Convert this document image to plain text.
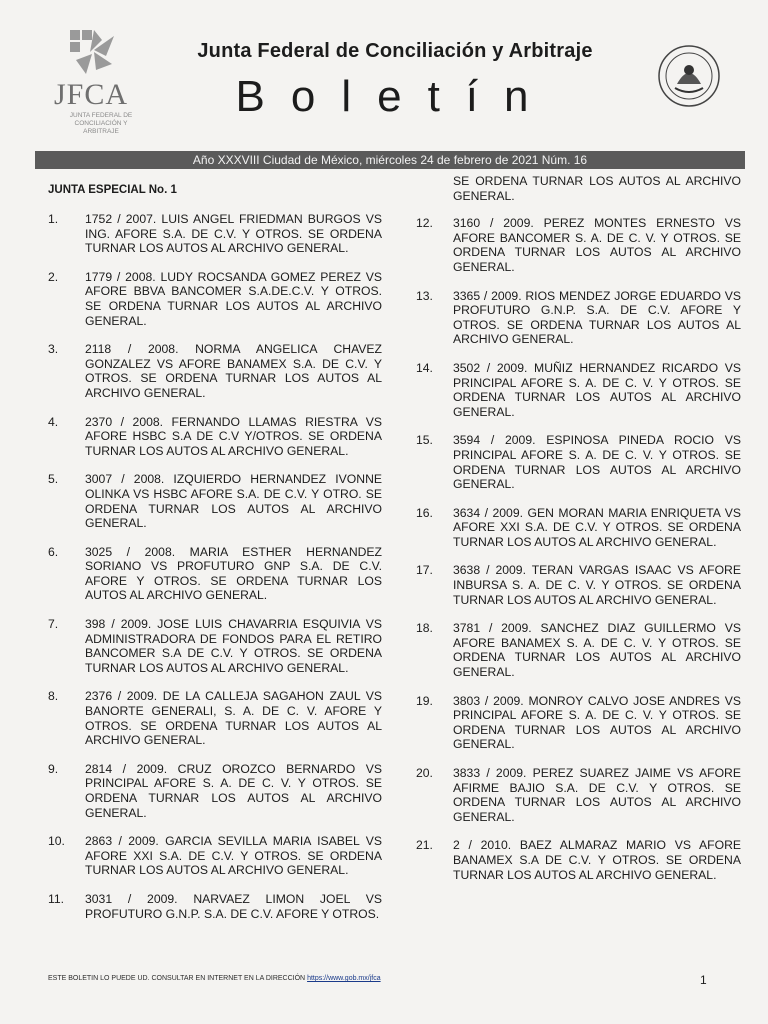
JFCA
JUNTA FEDERAL DE CONCILIACIÓN Y ARBITRAJE
Junta Federal de Conciliación y Arbitraje
Boletín
Año XXXVIII Ciudad de México, miércoles 24 de febrero de 2021 Núm. 16
JUNTA ESPECIAL No. 1
1.	1752 / 2007. LUIS ANGEL FRIEDMAN BURGOS VS ING. AFORE S.A. DE C.V. Y OTROS. SE ORDENA TURNAR LOS AUTOS AL ARCHIVO GENERAL.
2.	1779 / 2008. LUDY ROCSANDA GOMEZ PEREZ VS AFORE BBVA BANCOMER S.A.DE.C.V. Y OTROS. SE ORDENA TURNAR LOS AUTOS AL ARCHIVO GENERAL.
3.	2118 / 2008. NORMA ANGELICA CHAVEZ GONZALEZ VS AFORE BANAMEX S.A. DE C.V. Y OTROS. SE ORDENA TURNAR LOS AUTOS AL ARCHIVO GENERAL.
4.	2370 / 2008. FERNANDO LLAMAS RIESTRA VS AFORE HSBC S.A DE C.V Y/OTROS. SE ORDENA TURNAR LOS AUTOS AL ARCHIVO GENERAL.
5.	3007 / 2008. IZQUIERDO HERNANDEZ IVONNE OLINKA VS HSBC AFORE S.A. DE C.V. Y OTRO. SE ORDENA TURNAR LOS AUTOS AL ARCHIVO GENERAL.
6.	3025 / 2008. MARIA ESTHER HERNANDEZ SORIANO VS PROFUTURO GNP S.A. DE C.V. AFORE Y OTROS. SE ORDENA TURNAR LOS AUTOS AL ARCHIVO GENERAL.
7.	398 / 2009. JOSE LUIS CHAVARRIA ESQUIVIA VS ADMINISTRADORA DE FONDOS PARA EL RETIRO BANCOMER S.A DE C.V. Y OTROS. SE ORDENA TURNAR LOS AUTOS AL ARCHIVO GENERAL.
8.	2376 / 2009. DE LA CALLEJA SAGAHON ZAUL VS BANORTE GENERALI, S. A. DE C. V. AFORE Y OTROS. SE ORDENA TURNAR LOS AUTOS AL ARCHIVO GENERAL.
9.	2814 / 2009. CRUZ OROZCO BERNARDO VS PRINCIPAL AFORE S. A. DE C. V. Y OTROS. SE ORDENA TURNAR LOS AUTOS AL ARCHIVO GENERAL.
10.	2863 / 2009. GARCIA SEVILLA MARIA ISABEL VS AFORE XXI S.A. DE C.V. Y OTROS. SE ORDENA TURNAR LOS AUTOS AL ARCHIVO GENERAL.
11.	3031 / 2009. NARVAEZ LIMON JOEL VS PROFUTURO G.N.P. S.A. DE C.V. AFORE Y OTROS.
SE ORDENA TURNAR LOS AUTOS AL ARCHIVO GENERAL.
12.	3160 / 2009. PEREZ MONTES ERNESTO VS AFORE BANCOMER S. A. DE C. V. Y OTROS. SE ORDENA TURNAR LOS AUTOS AL ARCHIVO GENERAL.
13.	3365 / 2009. RIOS MENDEZ JORGE EDUARDO VS PROFUTURO G.N.P. S.A. DE C.V. AFORE Y OTROS. SE ORDENA TURNAR LOS AUTOS AL ARCHIVO GENERAL.
14.	3502 / 2009. MUÑIZ HERNANDEZ RICARDO VS PRINCIPAL AFORE S. A. DE C. V. Y OTROS. SE ORDENA TURNAR LOS AUTOS AL ARCHIVO GENERAL.
15.	3594 / 2009. ESPINOSA PINEDA ROCIO VS PRINCIPAL AFORE S. A. DE C. V. Y OTROS. SE ORDENA TURNAR LOS AUTOS AL ARCHIVO GENERAL.
16.	3634 / 2009. GEN MORAN MARIA ENRIQUETA VS AFORE XXI S.A. DE C.V. Y OTROS. SE ORDENA TURNAR LOS AUTOS AL ARCHIVO GENERAL.
17.	3638 / 2009. TERAN VARGAS ISAAC VS AFORE INBURSA S. A. DE C. V. Y OTROS. SE ORDENA TURNAR LOS AUTOS AL ARCHIVO GENERAL.
18.	3781 / 2009. SANCHEZ DIAZ GUILLERMO VS AFORE BANAMEX S. A. DE C. V. Y OTROS. SE ORDENA TURNAR LOS AUTOS AL ARCHIVO GENERAL.
19.	3803 / 2009. MONROY CALVO JOSE ANDRES VS PRINCIPAL AFORE S. A. DE C. V. Y OTROS. SE ORDENA TURNAR LOS AUTOS AL ARCHIVO GENERAL.
20.	3833 / 2009. PEREZ SUAREZ JAIME VS AFORE AFIRME BAJIO S.A. DE C.V. Y OTROS. SE ORDENA TURNAR LOS AUTOS AL ARCHIVO GENERAL.
21.	2 / 2010. BAEZ ALMARAZ MARIO VS AFORE BANAMEX S.A DE C.V. Y OTROS. SE ORDENA TURNAR LOS AUTOS AL ARCHIVO GENERAL.
ESTE BOLETIN LO PUEDE UD. CONSULTAR EN INTERNET EN LA DIRECCIÓN https://www.gob.mx/jfca	1
